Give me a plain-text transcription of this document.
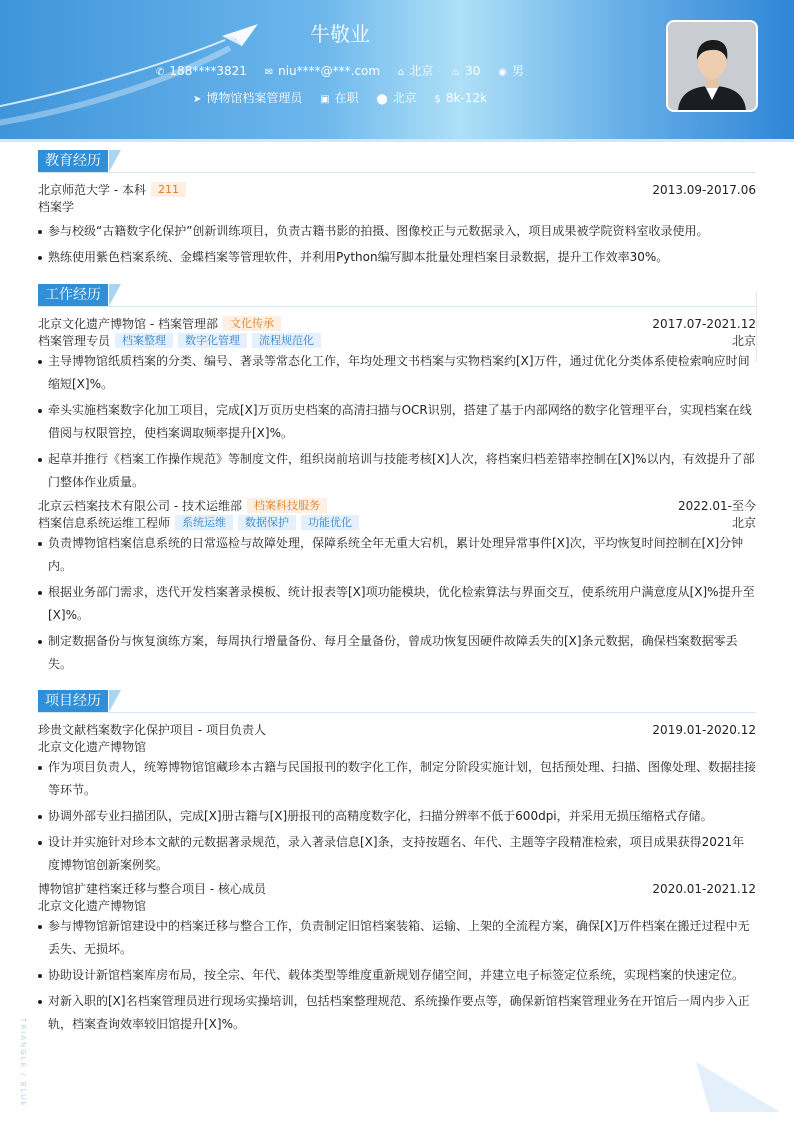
牛敬业
✆ 188****3821 ✉ niu****@***.com ⌂ 北京 ♨ 30 ◉ 男
➤ 博物馆档案管理员 ▣ 在职 ⬤ 北京 $ 8k-12k
教育经历
北京师范大学 - 本科 211	2013.09-2017.06
档案学
参与校级“古籍数字化保护”创新训练项目，负责古籍书影的拍摄、图像校正与元数据录入，项目成果被学院资料室收录使用。
熟练使用紫色档案系统、金蝶档案等管理软件，并利用Python编写脚本批量处理档案目录数据，提升工作效率30%。
工作经历
北京文化遗产博物馆 - 档案管理部 文化传承	2017.07-2021.12
档案管理专员 档案整理 数字化管理 流程规范化	北京
主导博物馆纸质档案的分类、编号、著录等常态化工作，年均处理文书档案与实物档案约[X]万件，通过优化分类体系使检索响应时间缩短[X]%。
牵头实施档案数字化加工项目，完成[X]万页历史档案的高清扫描与OCR识别，搭建了基于内部网络的数字化管理平台，实现档案在线借阅与权限管控，使档案调取频率提升[X]%。
起草并推行《档案工作操作规范》等制度文件，组织岗前培训与技能考核[X]人次，将档案归档差错率控制在[X]%以内，有效提升了部门整体作业质量。
北京云档案技术有限公司 - 技术运维部 档案科技服务	2022.01-至今
档案信息系统运维工程师 系统运维 数据保护 功能优化	北京
负责博物馆档案信息系统的日常巡检与故障处理，保障系统全年无重大宕机，累计处理异常事件[X]次，平均恢复时间控制在[X]分钟内。
根据业务部门需求，迭代开发档案著录模板、统计报表等[X]项功能模块，优化检索算法与界面交互，使系统用户满意度从[X]%提升至[X]%。
制定数据备份与恢复演练方案，每周执行增量备份、每月全量备份，曾成功恢复因硬件故障丢失的[X]条元数据，确保档案数据零丢失。
项目经历
珍贵文献档案数字化保护项目 - 项目负责人	2019.01-2020.12
北京文化遗产博物馆
作为项目负责人，统筹博物馆馆藏珍本古籍与民国报刊的数字化工作，制定分阶段实施计划，包括预处理、扫描、图像处理、数据挂接等环节。
协调外部专业扫描团队，完成[X]册古籍与[X]册报刊的高精度数字化，扫描分辨率不低于600dpi，并采用无损压缩格式存储。
设计并实施针对珍本文献的元数据著录规范，录入著录信息[X]条，支持按题名、年代、主题等字段精准检索，项目成果获得2021年度博物馆创新案例奖。
博物馆扩建档案迁移与整合项目 - 核心成员	2020.01-2021.12
北京文化遗产博物馆
参与博物馆新馆建设中的档案迁移与整合工作，负责制定旧馆档案装箱、运输、上架的全流程方案，确保[X]万件档案在搬迁过程中无丢失、无损坏。
协助设计新馆档案库房布局，按全宗、年代、载体类型等维度重新规划存储空间，并建立电子标签定位系统，实现档案的快速定位。
对新入职的[X]名档案管理员进行现场实操培训，包括档案整理规范、系统操作要点等，确保新馆档案管理业务在开馆后一周内步入正轨，档案查询效率较旧馆提升[X]%。
TRIANGLE / BLUE
